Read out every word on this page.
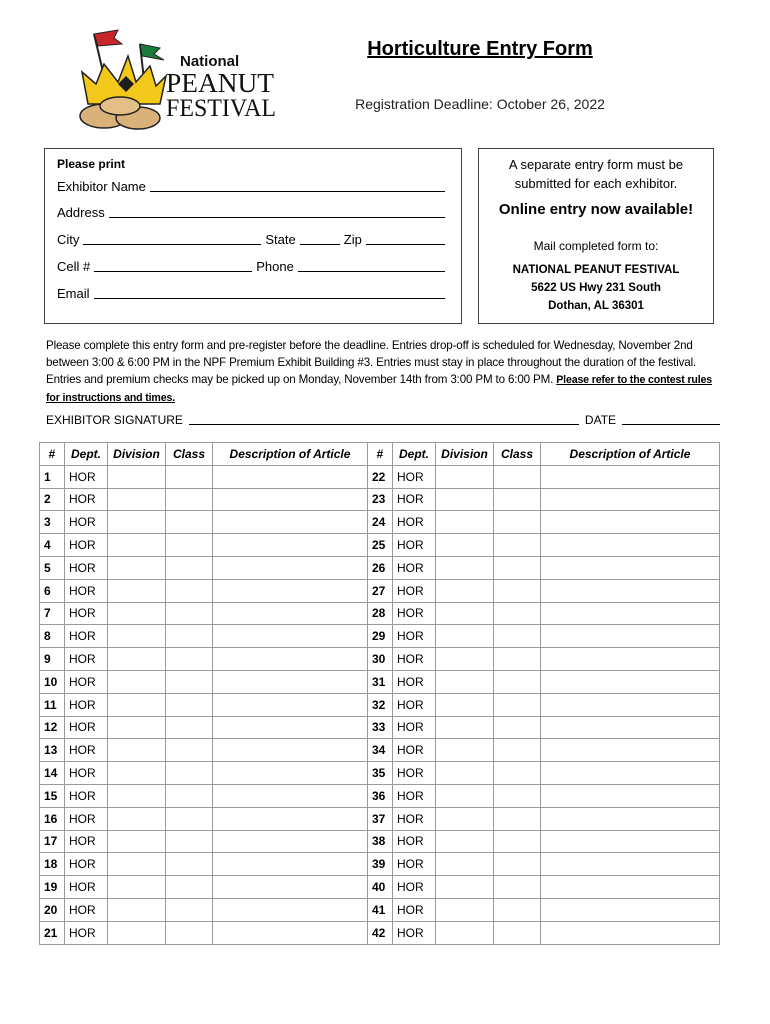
National
PEANUT
FESTIVAL
Horticulture Entry Form
Registration Deadline: October 26, 2022
Please print
Exhibitor Name
Address
City	State	Zip
Cell #	Phone
Email
A separate entry form must be submitted for each exhibitor.
Online entry now available!
Mail completed form to:
NATIONAL PEANUT FESTIVAL
5622 US Hwy 231 South
Dothan, AL 36301
Please complete this entry form and pre-register before the deadline. Entries drop-off is scheduled for Wednesday, November 2nd between 3:00 & 6:00 PM in the NPF Premium Exhibit Building #3. Entries must stay in place throughout the duration of the festival. Entries and premium checks may be picked up on Monday, November 14th from 3:00 PM to 6:00 PM. Please refer to the contest rules for instructions and times.
EXHIBITOR SIGNATURE	DATE
#	Dept.	Division	Class	Description of Article	#	Dept.	Division	Class	Description of Article
1	HOR				22	HOR			
2	HOR				23	HOR			
3	HOR				24	HOR			
4	HOR				25	HOR			
5	HOR				26	HOR			
6	HOR				27	HOR			
7	HOR				28	HOR			
8	HOR				29	HOR			
9	HOR				30	HOR			
10	HOR				31	HOR			
11	HOR				32	HOR			
12	HOR				33	HOR			
13	HOR				34	HOR			
14	HOR				35	HOR			
15	HOR				36	HOR			
16	HOR				37	HOR			
17	HOR				38	HOR			
18	HOR				39	HOR			
19	HOR				40	HOR			
20	HOR				41	HOR			
21	HOR				42	HOR			
